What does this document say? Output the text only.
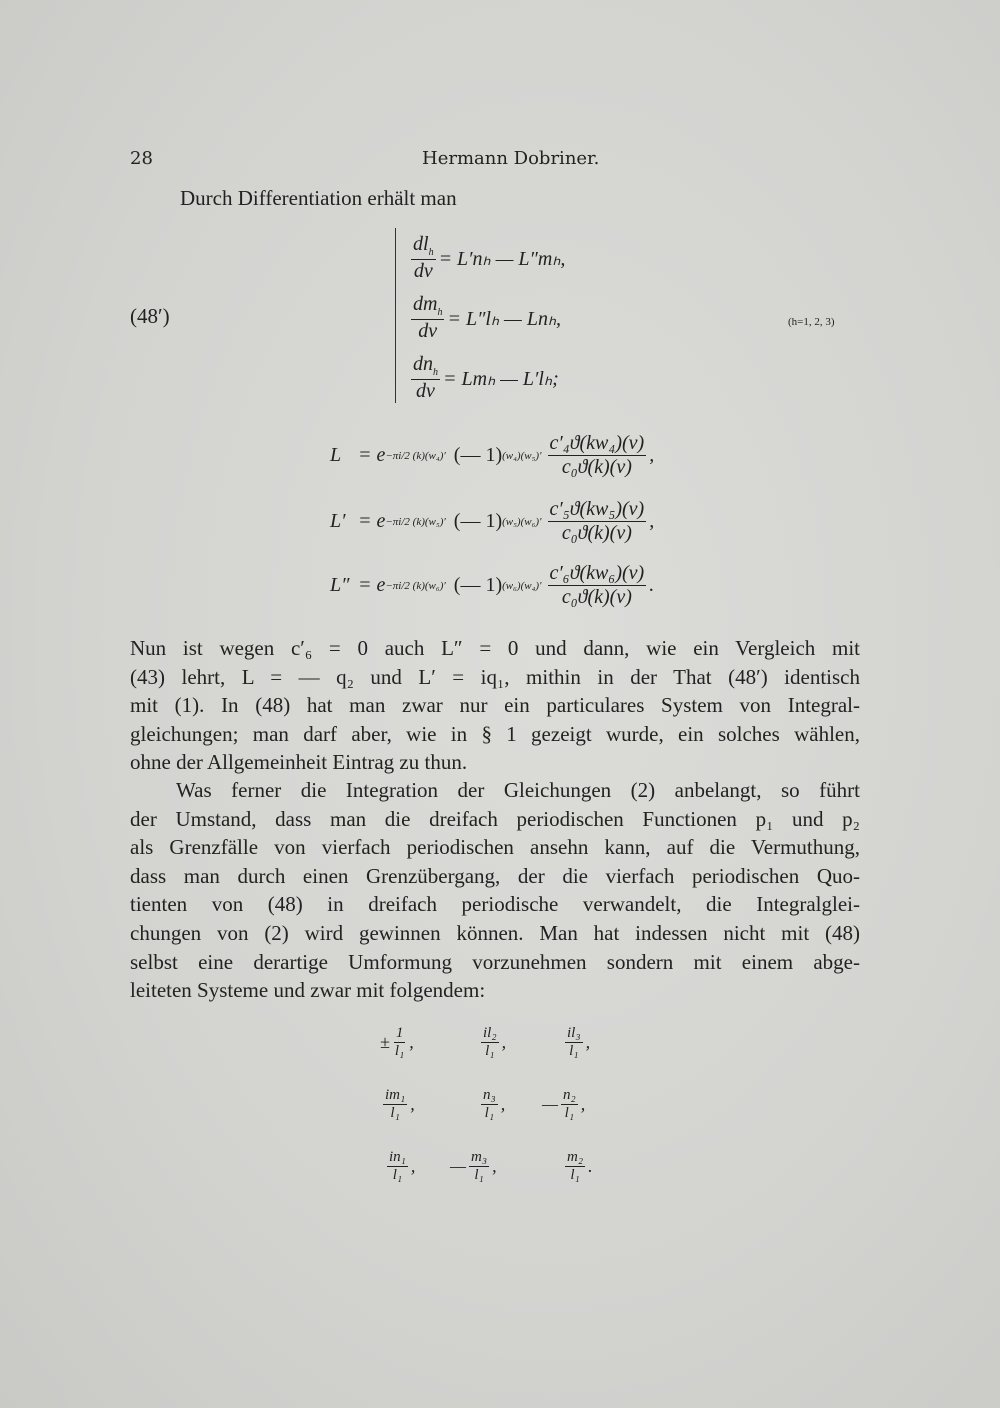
28	Hermann Dobriner.
Durch Differentiation erhält man
(48′)	(h=1, 2, 3)
$\frac{dl_h}{dv} = L'n_h$ — L″mₕ,
$\frac{dm_h}{dv} = L''l_h$ — Lnₕ,
$\frac{dn_h}{dv} = Lm_h$ — L′lₕ;
L = e −πi/2 (k)(w₄)′ (— 1) $(w_4)(w_5)' \frac{\text{c′₄ϑ(kw₄)(v)}}{\text{c₀ϑ(k)(v)}}$ ,
L′ = e −πi/2 (k)(w₅)′ (— 1) $(w_5)(w_6)' \frac{\text{c′₅ϑ(kw₅)(v)}}{\text{c₀ϑ(k)(v)}}$ ,
L″ = e −πi/2 (k)(w₆)′ (— 1) $(w_6)(w_4)' \frac{\text{c′₆ϑ(kw₆)(v)}}{\text{c₀ϑ(k)(v)}}$ .
Nun ist wegen c′₆ = 0 auch L″ = 0 und dann, wie ein Vergleich mit
(43) lehrt, L = — q₂ und L′ = iq₁, mithin in der That (48′) identisch
mit (1). In (48) hat man zwar nur ein particulares System von Integral-
gleichungen; man darf aber, wie in § 1 gezeigt wurde, ein solches wählen,
ohne der Allgemeinheit Eintrag zu thun.
Was ferner die Integration der Gleichungen (2) anbelangt, so führt
der Umstand, dass man die dreifach periodischen Functionen p₁ und p₂
als Grenzfälle von vierfach periodischen ansehn kann, auf die Vermuthung,
dass man durch einen Grenzübergang, der die vierfach periodischen Quo-
tienten von (48) in dreifach periodische verwandelt, die Integralglei-
chungen von (2) wird gewinnen können. Man hat indessen nicht mit (48)
selbst eine derartige Umformung vorzunehmen sondern mit einem abge-
leiteten Systeme und zwar mit folgendem:
± $\frac{1}{\text{l₁}}$ ,	$\frac{\text{il₂}}{\text{l₁}}$ ,	$\frac{\text{il₃}}{\text{l₁}}$ ,
$\frac{\text{im₁}}{\text{l₁}}$ ,	$\frac{\text{n₃}}{\text{l₁}}$ , — $\frac{\text{n₂}}{\text{l₁}}$ ,
$\frac{\text{in₁}}{\text{l₁}}$ , — $\frac{\text{m₃}}{\text{l₁}}$ ,	$\frac{\text{m₂}}{\text{l₁}}$ .
